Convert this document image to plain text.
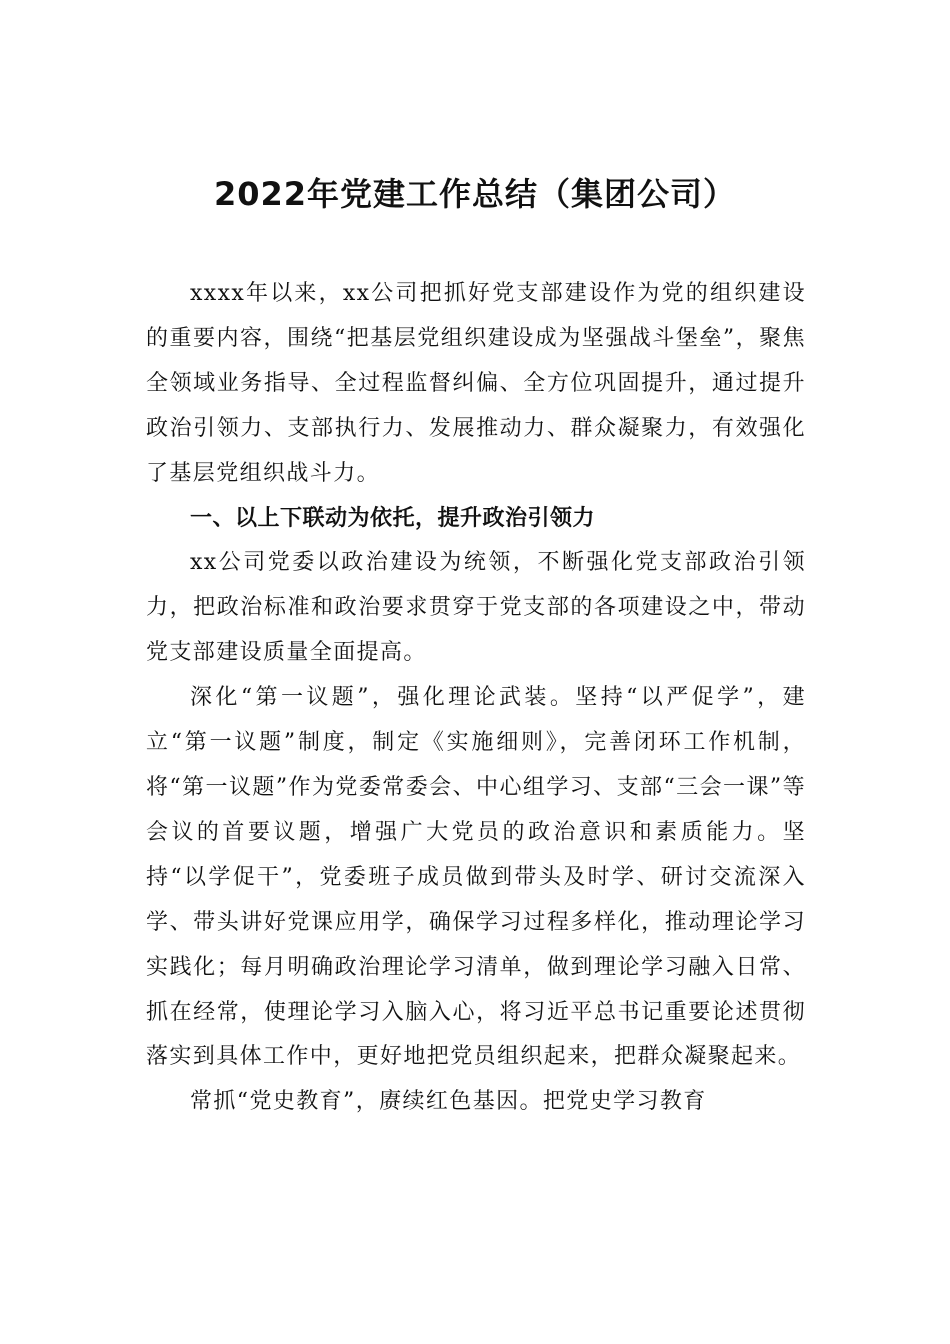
2022年党建工作总结（集团公司）

xxxx年以来，xx公司把抓好党支部建设作为党的组织建设的重要内容，围绕“把基层党组织建设成为坚强战斗堡垒”，聚焦全领域业务指导、全过程监督纠偏、全方位巩固提升，通过提升政治引领力、支部执行力、发展推动力、群众凝聚力，有效强化了基层党组织战斗力。

一、以上下联动为依托，提升政治引领力

xx公司党委以政治建设为统领，不断强化党支部政治引领力，把政治标准和政治要求贯穿于党支部的各项建设之中，带动党支部建设质量全面提高。

深化“第一议题”，强化理论武装。坚持“以严促学”，建立“第一议题”制度，制定《实施细则》，完善闭环工作机制，将“第一议题”作为党委常委会、中心组学习、支部“三会一课”等会议的首要议题，增强广大党员的政治意识和素质能力。坚持“以学促干”，党委班子成员做到带头及时学、研讨交流深入学、带头讲好党课应用学，确保学习过程多样化，推动理论学习实践化；每月明确政治理论学习清单，做到理论学习融入日常、抓在经常，使理论学习入脑入心，将习近平总书记重要论述贯彻落实到具体工作中，更好地把党员组织起来，把群众凝聚起来。

常抓“党史教育”，赓续红色基因。把党史学习教育
